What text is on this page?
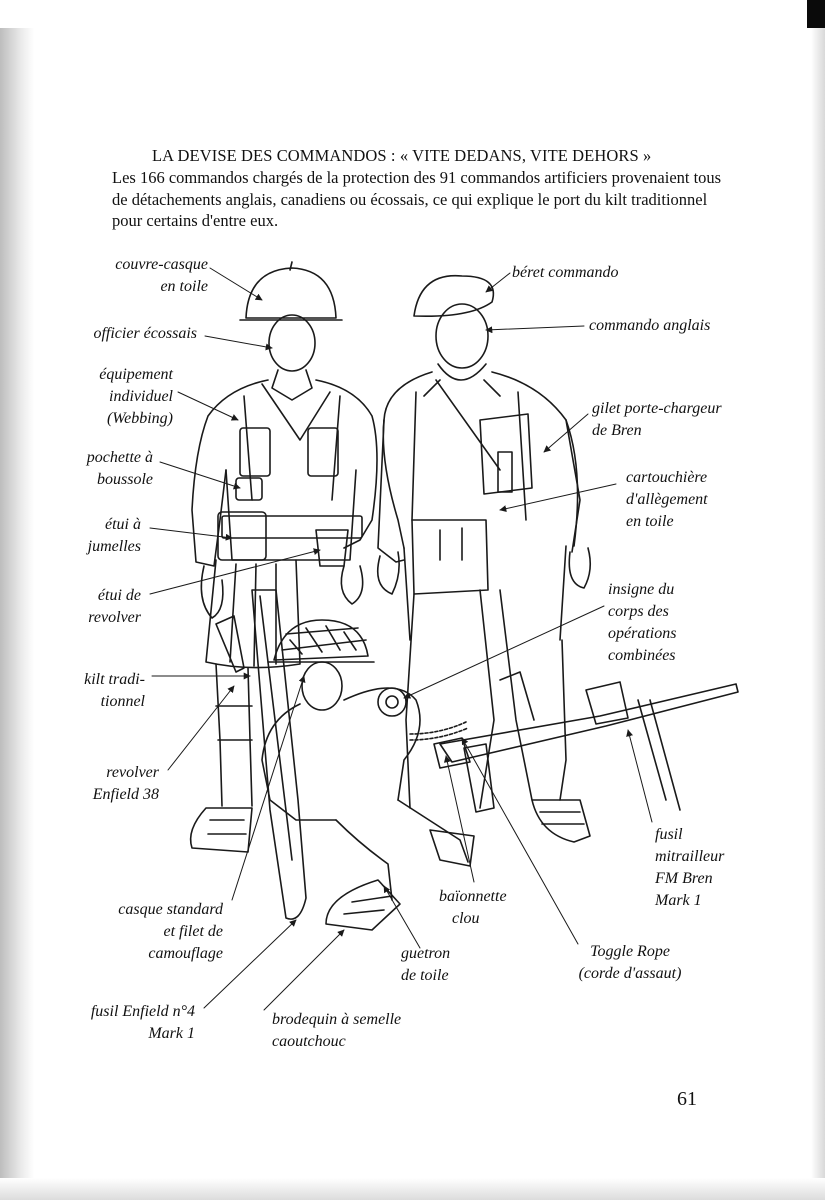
LA DEVISE DES COMMANDOS : « VITE DEDANS, VITE DEHORS »

Les 166 commandos chargés de la protection des 91 commandos artificiers provenaient tous de détachements anglais, canadiens ou écossais, ce qui explique le port du kilt traditionnel pour certains d'entre eux.

couvre-casque
en toile
officier écossais
équipement
individuel
(Webbing)
pochette à
boussole
étui à
jumelles
étui de
revolver
kilt tradi-
tionnel
revolver
Enfield 38
casque standard
et filet de
camouflage
fusil Enfield n°4
Mark 1
brodequin à semelle
caoutchouc
guetron
de toile
baïonnette
clou
Toggle Rope
(corde d'assaut)
fusil
mitrailleur
FM Bren
Mark 1
insigne du
corps des
opérations
combinées
cartouchière
d'allègement
en toile
gilet porte-chargeur
de Bren
commando anglais
béret commando
61
